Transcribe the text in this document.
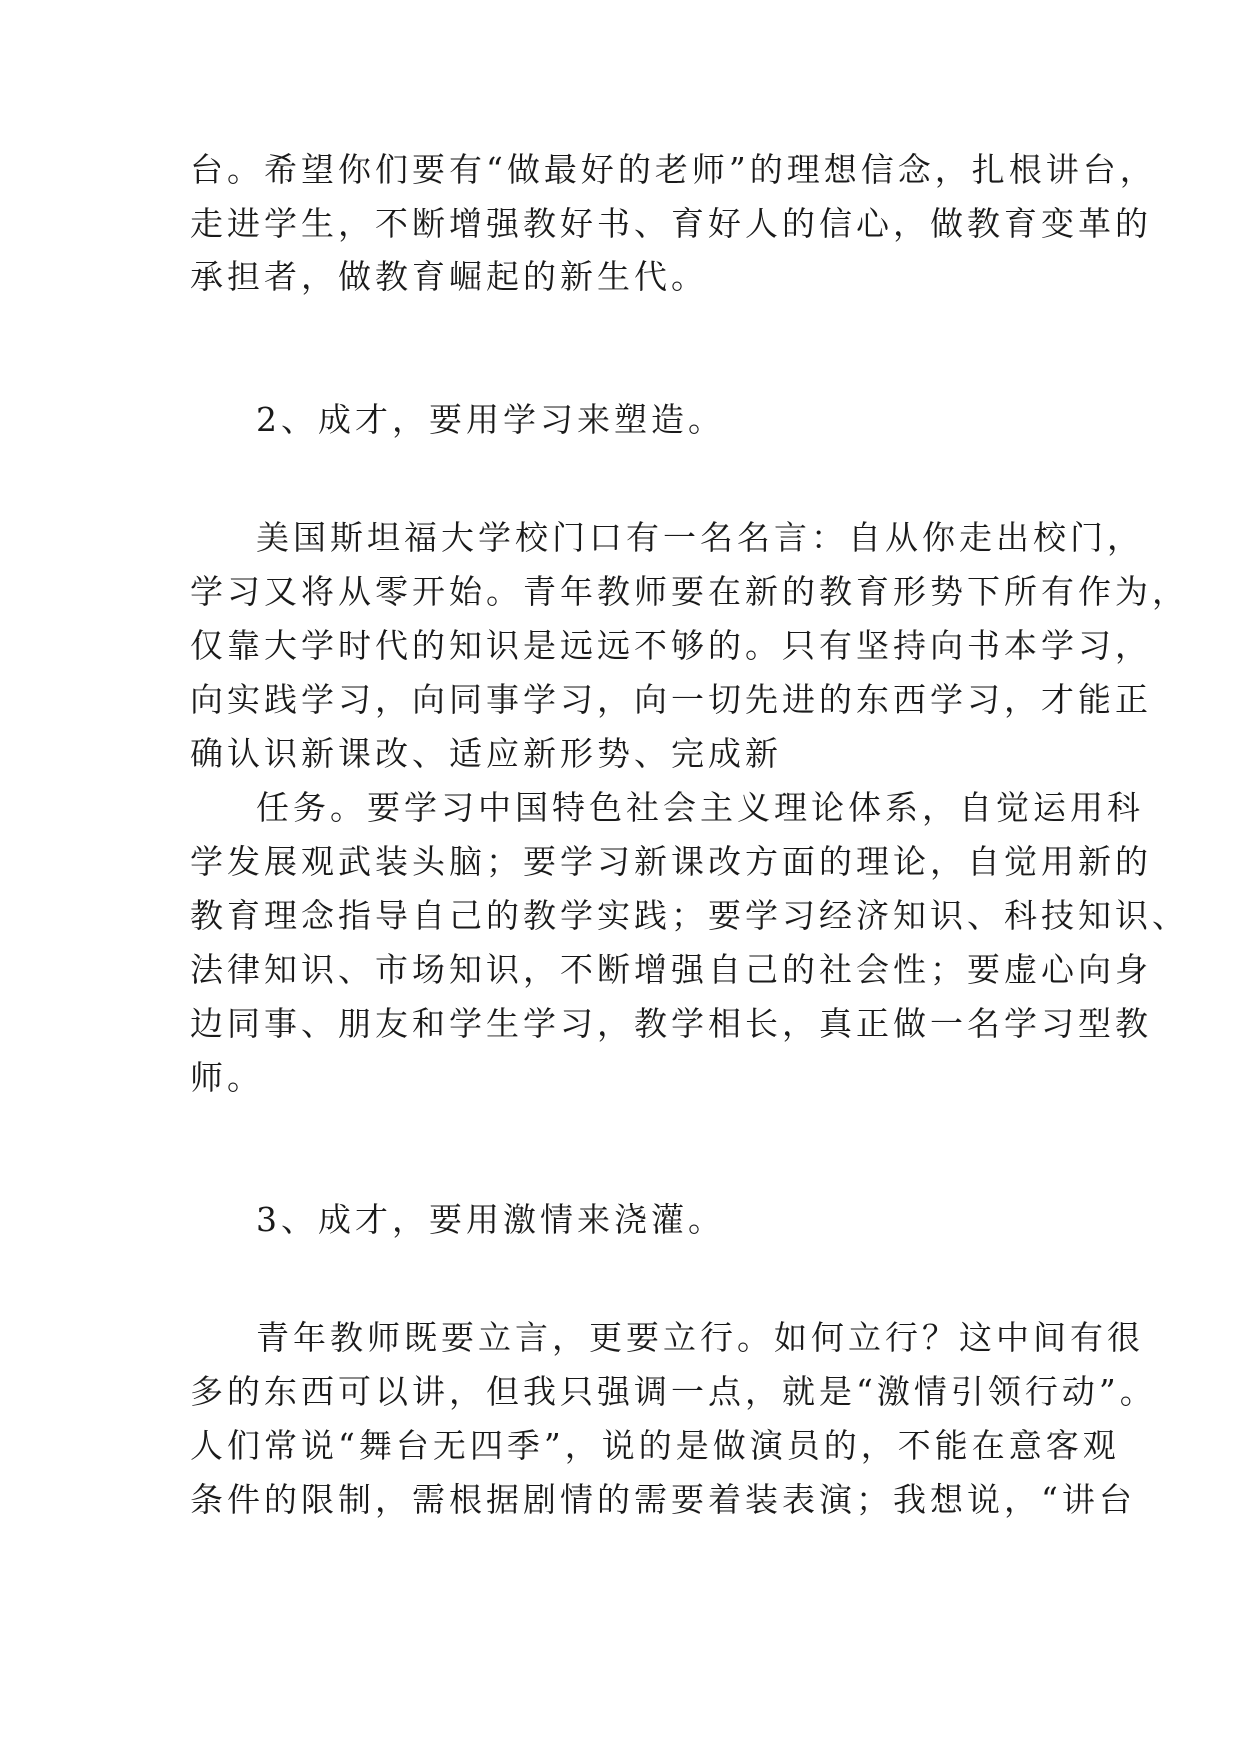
台。希望你们要有“做最好的老师”的理想信念，扎根讲台，
走进学生，不断增强教好书、育好人的信心，做教育变革的
承担者，做教育崛起的新生代。
2、成才，要用学习来塑造。
美国斯坦福大学校门口有一名名言：自从你走出校门，
学习又将从零开始。青年教师要在新的教育形势下所有作为，
仅靠大学时代的知识是远远不够的。只有坚持向书本学习，
向实践学习，向同事学习，向一切先进的东西学习，才能正
确认识新课改、适应新形势、完成新
任务。要学习中国特色社会主义理论体系，自觉运用科
学发展观武装头脑；要学习新课改方面的理论，自觉用新的
教育理念指导自己的教学实践；要学习经济知识、科技知识、
法律知识、市场知识，不断增强自己的社会性；要虚心向身
边同事、朋友和学生学习，教学相长，真正做一名学习型教
师。
3、成才，要用激情来浇灌。
青年教师既要立言，更要立行。如何立行？这中间有很
多的东西可以讲，但我只强调一点，就是“激情引领行动”。
人们常说“舞台无四季”，说的是做演员的，不能在意客观
条件的限制，需根据剧情的需要着装表演；我想说，“讲台
